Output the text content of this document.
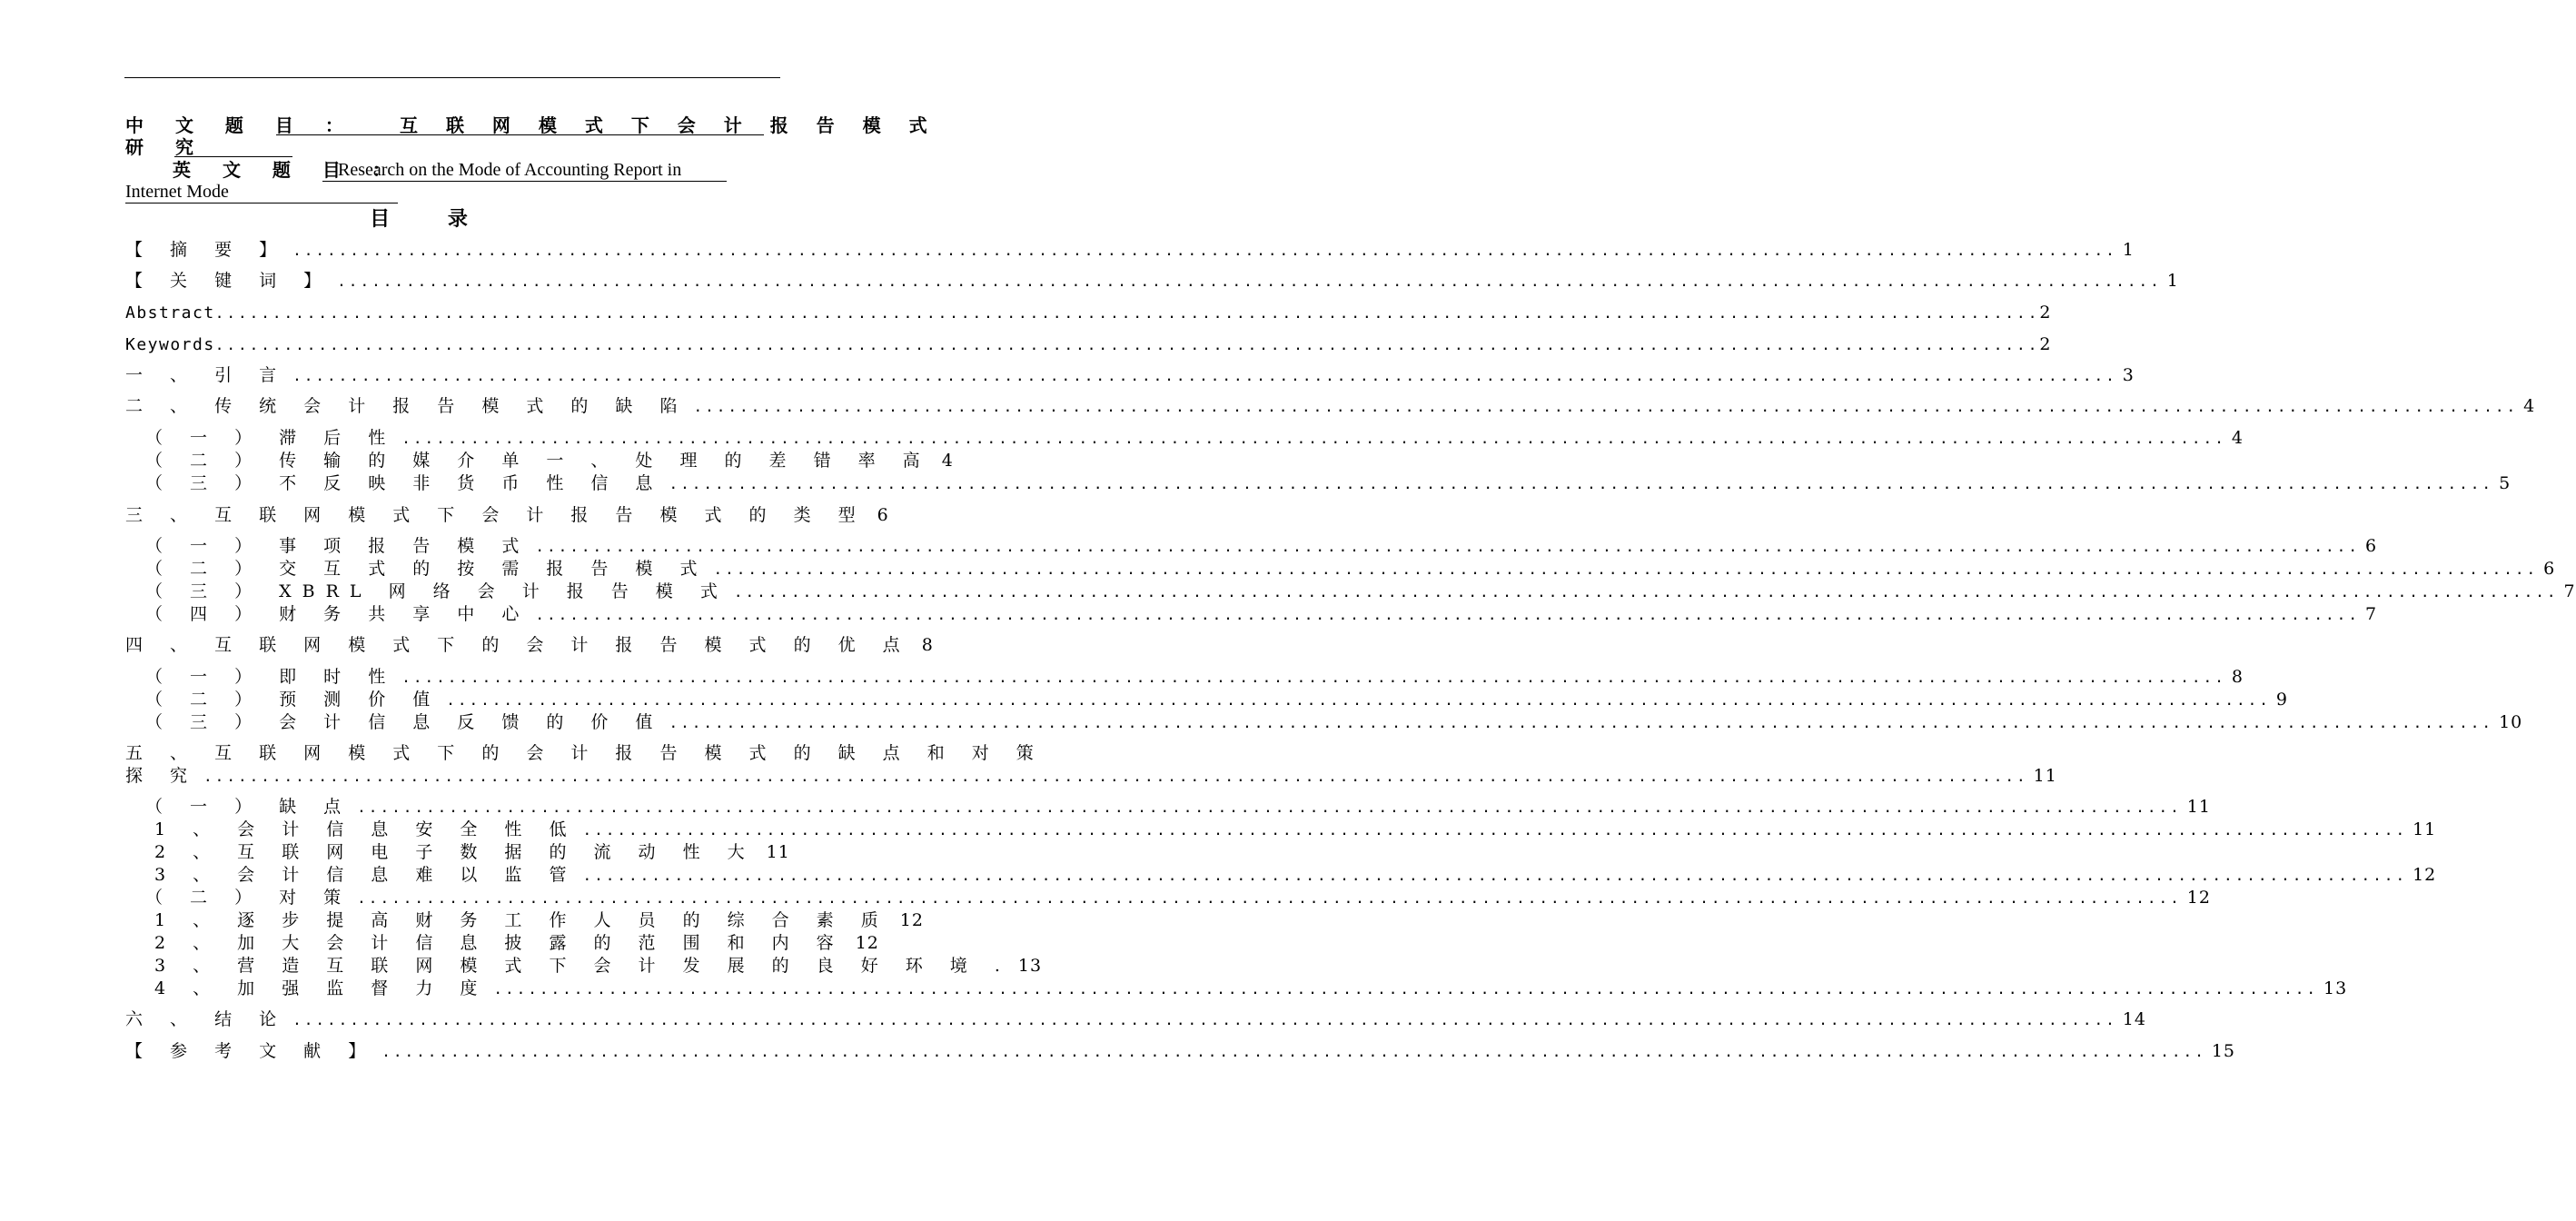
中 文 题 目 ： 互 联 网 模 式 下 会 计 报 告 模 式
研 究
英 文 题 目 ：
Research on the Mode of Accounting Report in
Internet Mode
目 录
【 摘 要 】 .....	1
【 关 键 词 】 .....	1
Abstract .....	2
Keywords .....	2
一 、 引 言 .....	3
二 、 传 统 会 计 报 告 模 式 的 缺 陷 .....	4
（ 一 ） 滞 后 性 .....	4
（ 二 ） 传 输 的 媒 介 单 一 、 处 理 的 差 错 率 高 4
（ 三 ） 不 反 映 非 货 币 性 信 息 .....	5
三 、 互 联 网 模 式 下 会 计 报 告 模 式 的 类 型 6
（ 一 ） 事 项 报 告 模 式 .....	6
（ 二 ） 交 互 式 的 按 需 报 告 模 式 .....	6
（ 三 ） XBRL 网 络 会 计 报 告 模 式 .....	7
（ 四 ） 财 务 共 享 中 心 .....	7
四 、 互 联 网 模 式 下 的 会 计 报 告 模 式 的 优 点 8
（ 一 ） 即 时 性 .....	8
（ 二 ） 预 测 价 值 .....	9
（ 三 ） 会 计 信 息 反 馈 的 价 值 .....	10
五 、 互 联 网 模 式 下 的 会 计 报 告 模 式 的 缺 点 和 对 策
探 究 .....	11
（ 一 ） 缺 点 .....	11
1 、 会 计 信 息 安 全 性 低 .....	11
2 、 互 联 网 电 子 数 据 的 流 动 性 大 11
3 、 会 计 信 息 难 以 监 管 .....	12
（ 二 ） 对 策 .....	12
1 、 逐 步 提 高 财 务 工 作 人 员 的 综 合 素 质 12
2 、 加 大 会 计 信 息 披 露 的 范 围 和 内 容 12
3 、 营 造 互 联 网 模 式 下 会 计 发 展 的 良 好 环 境 . 13
4 、 加 强 监 督 力 度 .....	13
六 、 结 论 .....	14
【 参 考 文 献 】 .....	15
